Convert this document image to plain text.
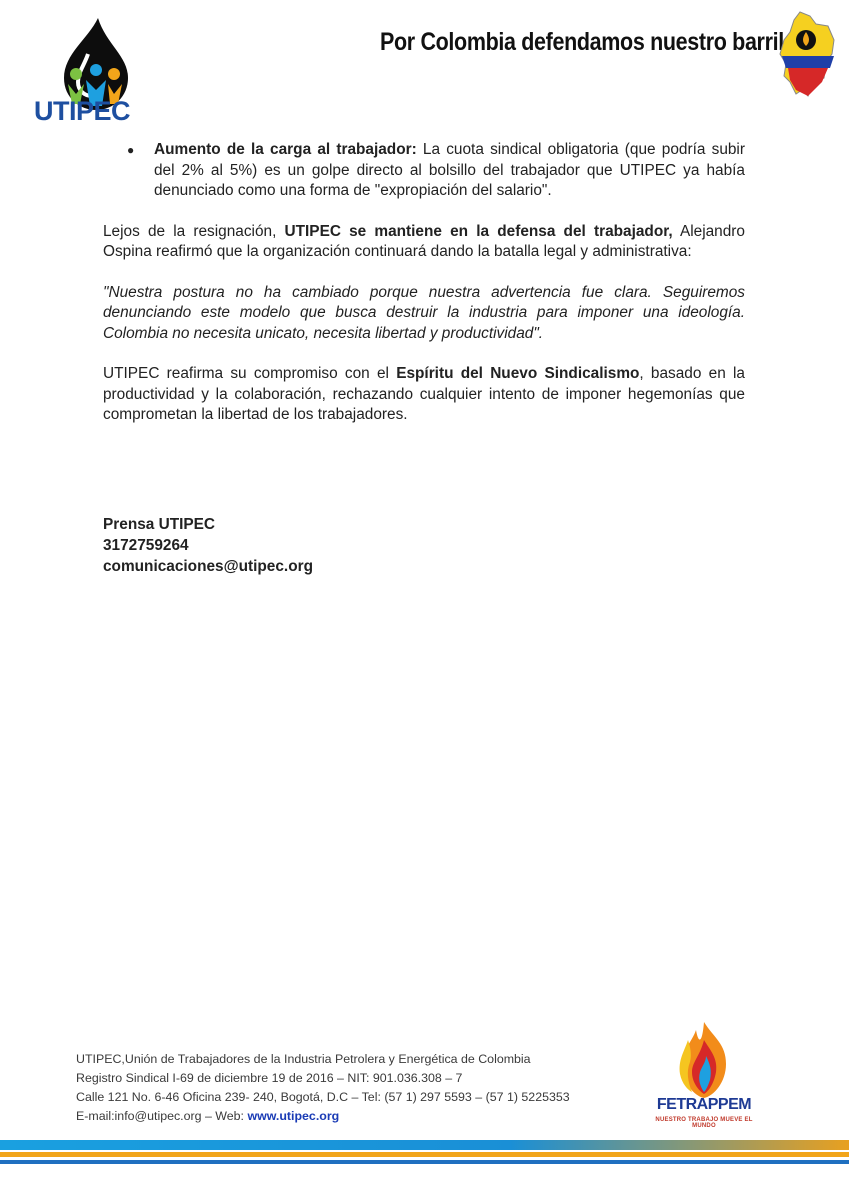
UTIPEC
Por Colombia defendamos nuestro barril
● Aumento de la carga al trabajador: La cuota sindical obligatoria (que podría subir del 2% al 5%) es un golpe directo al bolsillo del trabajador que UTIPEC ya había denunciado como una forma de "expropiación del salario".

Lejos de la resignación, UTIPEC se mantiene en la defensa del trabajador, Alejandro Ospina reafirmó que la organización continuará dando la batalla legal y administrativa:

"Nuestra postura no ha cambiado porque nuestra advertencia fue clara. Seguiremos denunciando este modelo que busca destruir la industria para imponer una ideología. Colombia no necesita unicato, necesita libertad y productividad".

UTIPEC reafirma su compromiso con el Espíritu del Nuevo Sindicalismo, basado en la productividad y la colaboración, rechazando cualquier intento de imponer hegemonías que comprometan la libertad de los trabajadores.

Prensa UTIPEC
3172759264
comunicaciones@utipec.org
UTIPEC,Unión de Trabajadores de la Industria Petrolera y Energética de Colombia
Registro Sindical I-69 de diciembre 19 de 2016 – NIT: 901.036.308 – 7
Calle 121 No. 6-46 Oficina 239- 240, Bogotá, D.C – Tel: (57 1) 297 5593 – (57 1) 5225353
E-mail:info@utipec.org – Web: www.utipec.org
FETRAPPEM
NUESTRO TRABAJO MUEVE EL MUNDO
